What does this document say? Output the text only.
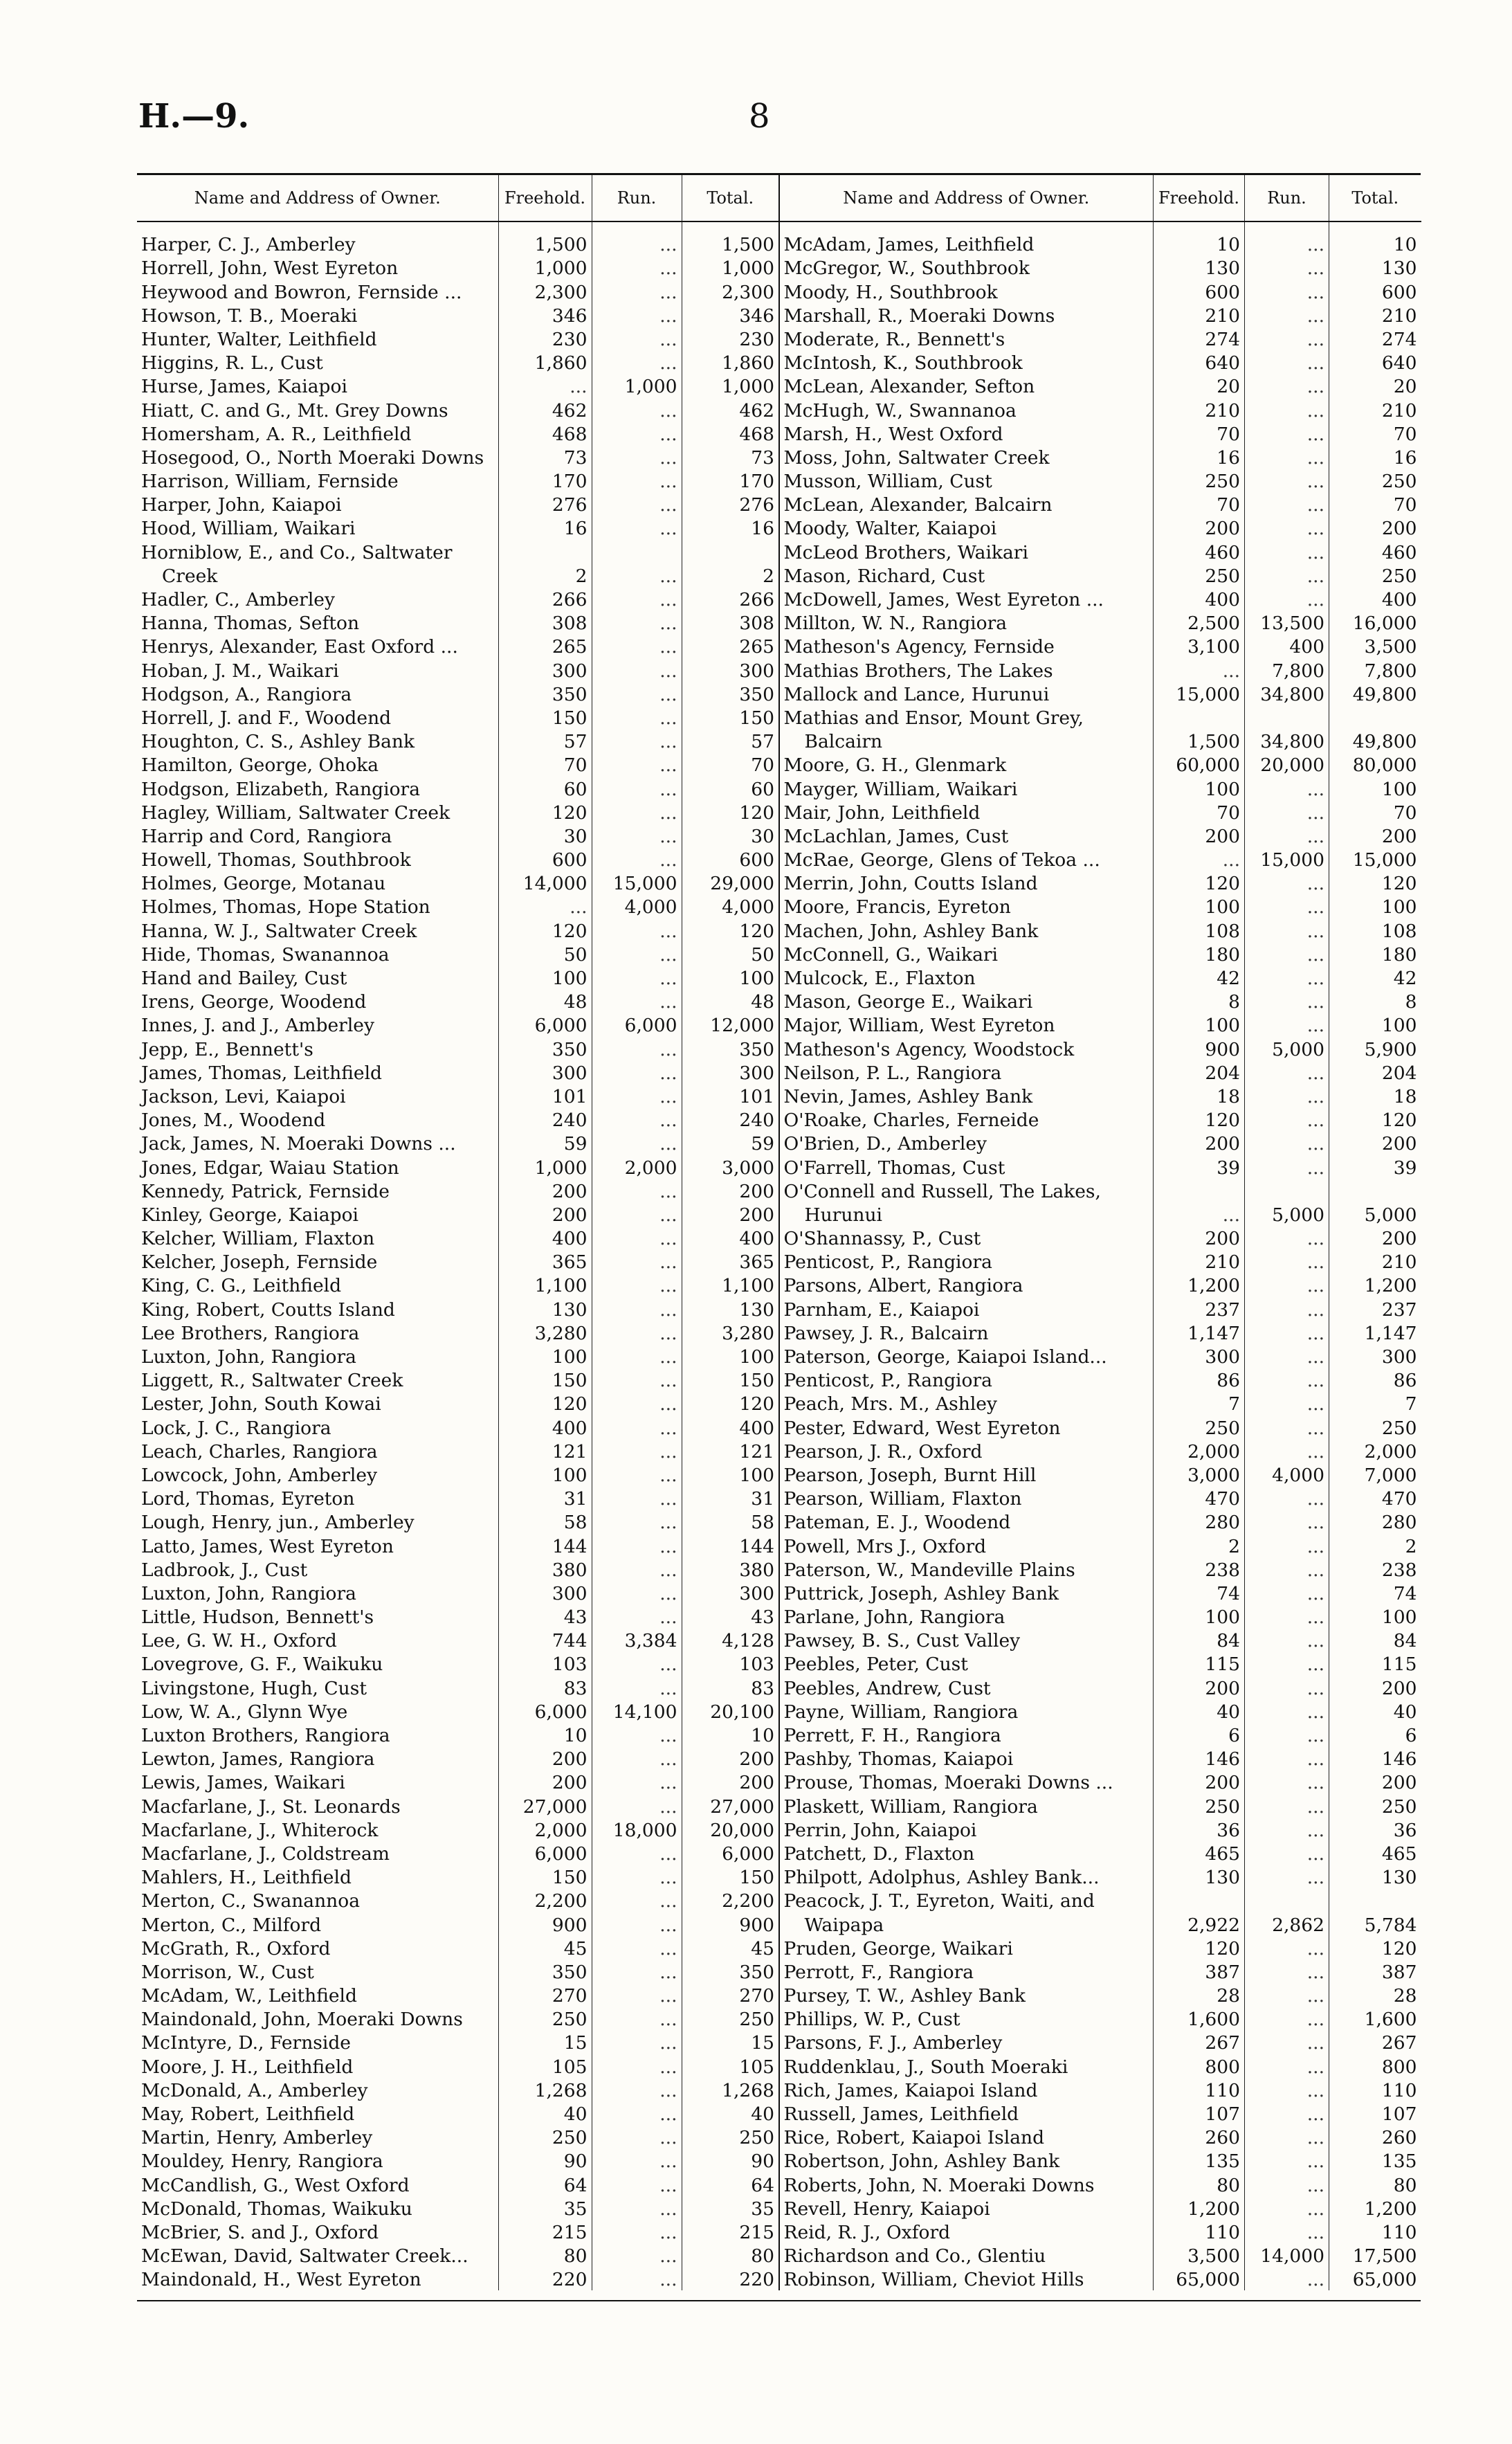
H.—9.	8
Name and Address of Owner.	Freehold.	Run.	Total.

Harper, C. J., Amberley	1,500	...	1,500
Horrell, John, West Eyreton	1,000	...	1,000
Heywood and Bowron, Fernside ...	2,300	...	2,300
Howson, T. B., Moeraki	346	...	346
Hunter, Walter, Leithfield	230	...	230
Higgins, R. L., Cust	1,860	...	1,860
Hurse, James, Kaiapoi	...	1,000	1,000
Hiatt, C. and G., Mt. Grey Downs	462	...	462
Homersham, A. R., Leithfield	468	...	468
Hosegood, O., North Moeraki Downs	73	...	73
Harrison, William, Fernside	170	...	170
Harper, John, Kaiapoi	276	...	276
Hood, William, Waikari	16	...	16
Horniblow, E., and Co., Saltwater			
Creek	2	...	2
Hadler, C., Amberley	266	...	266
Hanna, Thomas, Sefton	308	...	308
Henrys, Alexander, East Oxford ...	265	...	265
Hoban, J. M., Waikari	300	...	300
Hodgson, A., Rangiora	350	...	350
Horrell, J. and F., Woodend	150	...	150
Houghton, C. S., Ashley Bank	57	...	57
Hamilton, George, Ohoka	70	...	70
Hodgson, Elizabeth, Rangiora	60	...	60
Hagley, William, Saltwater Creek	120	...	120
Harrip and Cord, Rangiora	30	...	30
Howell, Thomas, Southbrook	600	...	600
Holmes, George, Motanau	14,000	15,000	29,000
Holmes, Thomas, Hope Station	...	4,000	4,000
Hanna, W. J., Saltwater Creek	120	...	120
Hide, Thomas, Swanannoa	50	...	50
Hand and Bailey, Cust	100	...	100
Irens, George, Woodend	48	...	48
Innes, J. and J., Amberley	6,000	6,000	12,000
Jepp, E., Bennett's	350	...	350
James, Thomas, Leithfield	300	...	300
Jackson, Levi, Kaiapoi	101	...	101
Jones, M., Woodend	240	...	240
Jack, James, N. Moeraki Downs ...	59	...	59
Jones, Edgar, Waiau Station	1,000	2,000	3,000
Kennedy, Patrick, Fernside	200	...	200
Kinley, George, Kaiapoi	200	...	200
Kelcher, William, Flaxton	400	...	400
Kelcher, Joseph, Fernside	365	...	365
King, C. G., Leithfield	1,100	...	1,100
King, Robert, Coutts Island	130	...	130
Lee Brothers, Rangiora	3,280	...	3,280
Luxton, John, Rangiora	100	...	100
Liggett, R., Saltwater Creek	150	...	150
Lester, John, South Kowai	120	...	120
Lock, J. C., Rangiora	400	...	400
Leach, Charles, Rangiora	121	...	121
Lowcock, John, Amberley	100	...	100
Lord, Thomas, Eyreton	31	...	31
Lough, Henry, jun., Amberley	58	...	58
Latto, James, West Eyreton	144	...	144
Ladbrook, J., Cust	380	...	380
Luxton, John, Rangiora	300	...	300
Little, Hudson, Bennett's	43	...	43
Lee, G. W. H., Oxford	744	3,384	4,128
Lovegrove, G. F., Waikuku	103	...	103
Livingstone, Hugh, Cust	83	...	83
Low, W. A., Glynn Wye	6,000	14,100	20,100
Luxton Brothers, Rangiora	10	...	10
Lewton, James, Rangiora	200	...	200
Lewis, James, Waikari	200	...	200
Macfarlane, J., St. Leonards	27,000	...	27,000
Macfarlane, J., Whiterock	2,000	18,000	20,000
Macfarlane, J., Coldstream	6,000	...	6,000
Mahlers, H., Leithfield	150	...	150
Merton, C., Swanannoa	2,200	...	2,200
Merton, C., Milford	900	...	900
McGrath, R., Oxford	45	...	45
Morrison, W., Cust	350	...	350
McAdam, W., Leithfield	270	...	270
Maindonald, John, Moeraki Downs	250	...	250
McIntyre, D., Fernside	15	...	15
Moore, J. H., Leithfield	105	...	105
McDonald, A., Amberley	1,268	...	1,268
May, Robert, Leithfield	40	...	40
Martin, Henry, Amberley	250	...	250
Mouldey, Henry, Rangiora	90	...	90
McCandlish, G., West Oxford	64	...	64
McDonald, Thomas, Waikuku	35	...	35
McBrier, S. and J., Oxford	215	...	215
McEwan, David, Saltwater Creek...	80	...	80
Maindonald, H., West Eyreton	220	...	220

Name and Address of Owner.	Freehold.	Run.	Total.

McAdam, James, Leithfield	10	...	10
McGregor, W., Southbrook	130	...	130
Moody, H., Southbrook	600	...	600
Marshall, R., Moeraki Downs	210	...	210
Moderate, R., Bennett's	274	...	274
McIntosh, K., Southbrook	640	...	640
McLean, Alexander, Sefton	20	...	20
McHugh, W., Swannanoa	210	...	210
Marsh, H., West Oxford	70	...	70
Moss, John, Saltwater Creek	16	...	16
Musson, William, Cust	250	...	250
McLean, Alexander, Balcairn	70	...	70
Moody, Walter, Kaiapoi	200	...	200
McLeod Brothers, Waikari	460	...	460
Mason, Richard, Cust	250	...	250
McDowell, James, West Eyreton ...	400	...	400
Millton, W. N., Rangiora	2,500	13,500	16,000
Matheson's Agency, Fernside	3,100	400	3,500
Mathias Brothers, The Lakes	...	7,800	7,800
Mallock and Lance, Hurunui	15,000	34,800	49,800
Mathias and Ensor, Mount Grey,			
Balcairn	1,500	34,800	49,800
Moore, G. H., Glenmark	60,000	20,000	80,000
Mayger, William, Waikari	100	...	100
Mair, John, Leithfield	70	...	70
McLachlan, James, Cust	200	...	200
McRae, George, Glens of Tekoa ...	...	15,000	15,000
Merrin, John, Coutts Island	120	...	120
Moore, Francis, Eyreton	100	...	100
Machen, John, Ashley Bank	108	...	108
McConnell, G., Waikari	180	...	180
Mulcock, E., Flaxton	42	...	42
Mason, George E., Waikari	8	...	8
Major, William, West Eyreton	100	...	100
Matheson's Agency, Woodstock	900	5,000	5,900
Neilson, P. L., Rangiora	204	...	204
Nevin, James, Ashley Bank	18	...	18
O'Roake, Charles, Ferneide	120	...	120
O'Brien, D., Amberley	200	...	200
O'Farrell, Thomas, Cust	39	...	39
O'Connell and Russell, The Lakes,			
Hurunui	...	5,000	5,000
O'Shannassy, P., Cust	200	...	200
Penticost, P., Rangiora	210	...	210
Parsons, Albert, Rangiora	1,200	...	1,200
Parnham, E., Kaiapoi	237	...	237
Pawsey, J. R., Balcairn	1,147	...	1,147
Paterson, George, Kaiapoi Island...	300	...	300
Penticost, P., Rangiora	86	...	86
Peach, Mrs. M., Ashley	7	...	7
Pester, Edward, West Eyreton	250	...	250
Pearson, J. R., Oxford	2,000	...	2,000
Pearson, Joseph, Burnt Hill	3,000	4,000	7,000
Pearson, William, Flaxton	470	...	470
Pateman, E. J., Woodend	280	...	280
Powell, Mrs J., Oxford	2	...	2
Paterson, W., Mandeville Plains	238	...	238
Puttrick, Joseph, Ashley Bank	74	...	74
Parlane, John, Rangiora	100	...	100
Pawsey, B. S., Cust Valley	84	...	84
Peebles, Peter, Cust	115	...	115
Peebles, Andrew, Cust	200	...	200
Payne, William, Rangiora	40	...	40
Perrett, F. H., Rangiora	6	...	6
Pashby, Thomas, Kaiapoi	146	...	146
Prouse, Thomas, Moeraki Downs ...	200	...	200
Plaskett, William, Rangiora	250	...	250
Perrin, John, Kaiapoi	36	...	36
Patchett, D., Flaxton	465	...	465
Philpott, Adolphus, Ashley Bank...	130	...	130
Peacock, J. T., Eyreton, Waiti, and			
Waipapa	2,922	2,862	5,784
Pruden, George, Waikari	120	...	120
Perrott, F., Rangiora	387	...	387
Pursey, T. W., Ashley Bank	28	...	28
Phillips, W. P., Cust	1,600	...	1,600
Parsons, F. J., Amberley	267	...	267
Ruddenklau, J., South Moeraki	800	...	800
Rich, James, Kaiapoi Island	110	...	110
Russell, James, Leithfield	107	...	107
Rice, Robert, Kaiapoi Island	260	...	260
Robertson, John, Ashley Bank	135	...	135
Roberts, John, N. Moeraki Downs	80	...	80
Revell, Henry, Kaiapoi	1,200	...	1,200
Reid, R. J., Oxford	110	...	110
Richardson and Co., Glentiu	3,500	14,000	17,500
Robinson, William, Cheviot Hills	65,000	...	65,000
